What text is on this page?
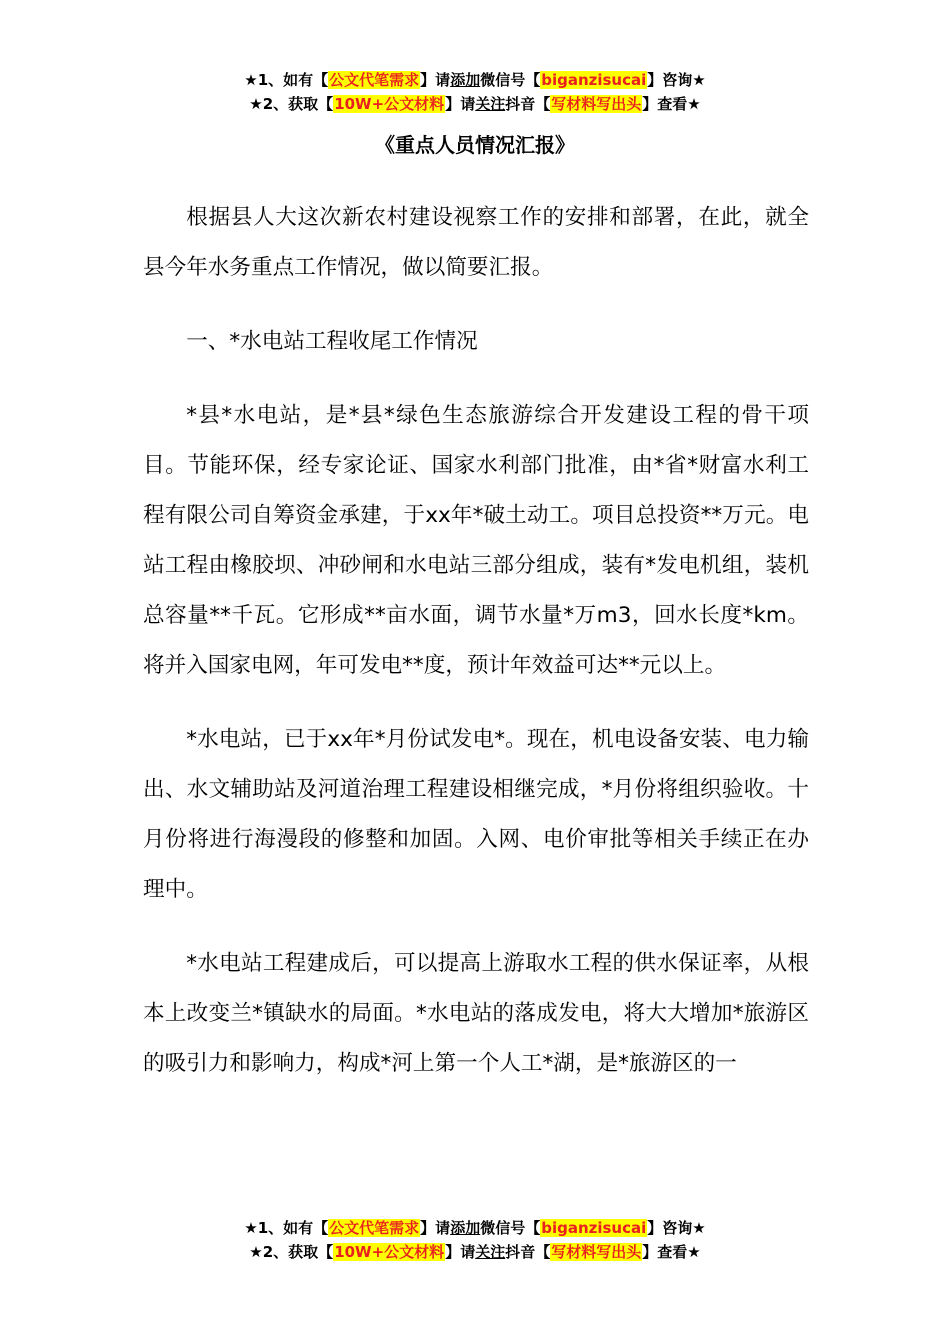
★1、如有【公文代笔需求】请添加微信号【biganzisucai】咨询★
★2、获取【10W+公文材料】请关注抖音【写材料写出头】查看★
《重点人员情况汇报》

根据县人大这次新农村建设视察工作的安排和部署，在此，就全县今年水务重点工作情况，做以简要汇报。

一、*水电站工程收尾工作情况

*县*水电站，是*县*绿色生态旅游综合开发建设工程的骨干项目。节能环保，经专家论证、国家水利部门批准，由*省*财富水利工程有限公司自筹资金承建，于xx年*破土动工。项目总投资**万元。电站工程由橡胶坝、冲砂闸和水电站三部分组成，装有*发电机组，装机总容量**千瓦。它形成**亩水面，调节水量*万m3，回水长度*km。将并入国家电网，年可发电**度，预计年效益可达**元以上。

*水电站，已于xx年*月份试发电*。现在，机电设备安装、电力输出、水文辅助站及河道治理工程建设相继完成，*月份将组织验收。十月份将进行海漫段的修整和加固。入网、电价审批等相关手续正在办理中。

*水电站工程建成后，可以提高上游取水工程的供水保证率，从根本上改变兰*镇缺水的局面。*水电站的落成发电，将大大增加*旅游区的吸引力和影响力，构成*河上第一个人工*湖，是*旅游区的一

★1、如有【公文代笔需求】请添加微信号【biganzisucai】咨询★
★2、获取【10W+公文材料】请关注抖音【写材料写出头】查看★
